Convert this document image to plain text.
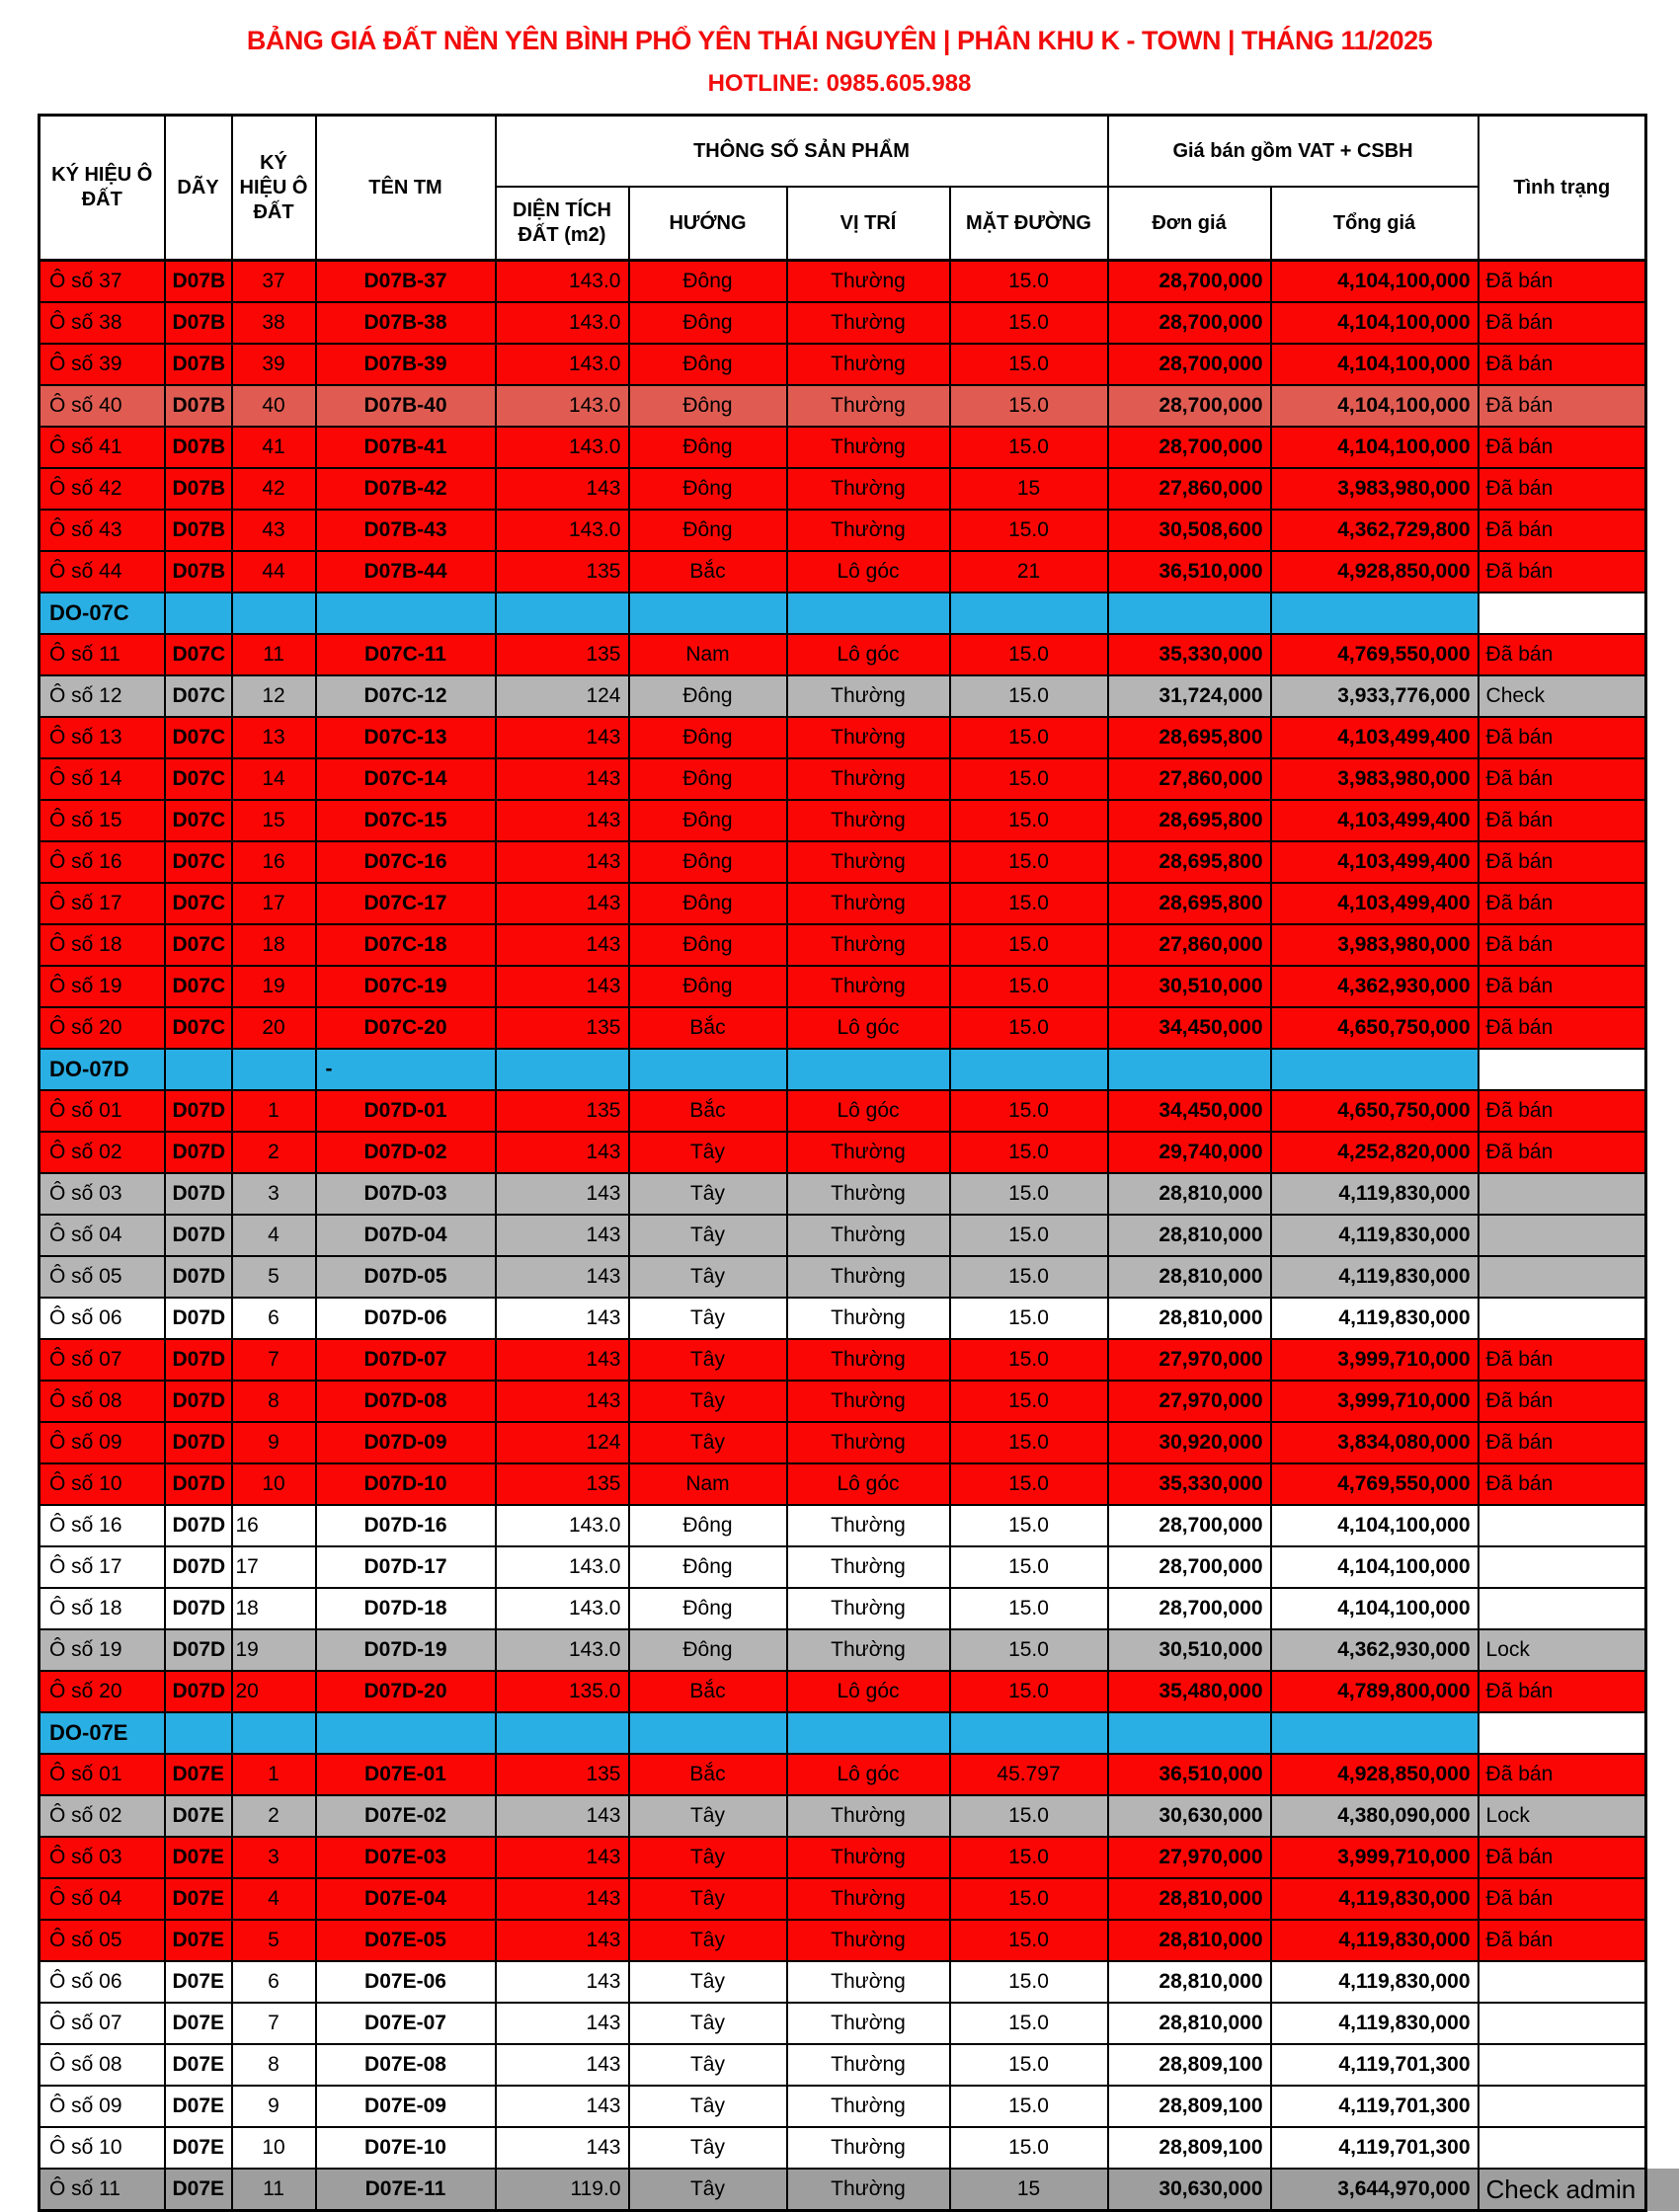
BẢNG GIÁ ĐẤT NỀN YÊN BÌNH PHỔ YÊN THÁI NGUYÊN | PHÂN KHU K - TOWN | THÁNG 11/2025
HOTLINE: 0985.605.988
KÝ HIỆU Ô ĐẤT	DÃY	KÝ HIỆU Ô ĐẤT	TÊN TM	THÔNG SỐ SẢN PHẨM				Giá bán gồm VAT + CSBH		Tình trạng
				DIỆN TÍCH ĐẤT (m2)	HƯỚNG	VỊ TRÍ	MẶT ĐƯỜNG	Đơn giá	Tổng giá	
Ô số 37	D07B	37	D07B-37	143.0	Đông	Thường	15.0	28,700,000	4,104,100,000	Đã bán
Ô số 38	D07B	38	D07B-38	143.0	Đông	Thường	15.0	28,700,000	4,104,100,000	Đã bán
Ô số 39	D07B	39	D07B-39	143.0	Đông	Thường	15.0	28,700,000	4,104,100,000	Đã bán
Ô số 40	D07B	40	D07B-40	143.0	Đông	Thường	15.0	28,700,000	4,104,100,000	Đã bán
Ô số 41	D07B	41	D07B-41	143.0	Đông	Thường	15.0	28,700,000	4,104,100,000	Đã bán
Ô số 42	D07B	42	D07B-42	143	Đông	Thường	15	27,860,000	3,983,980,000	Đã bán
Ô số 43	D07B	43	D07B-43	143.0	Đông	Thường	15.0	30,508,600	4,362,729,800	Đã bán
Ô số 44	D07B	44	D07B-44	135	Bắc	Lô góc	21	36,510,000	4,928,850,000	Đã bán
DO-07C										
Ô số 11	D07C	11	D07C-11	135	Nam	Lô góc	15.0	35,330,000	4,769,550,000	Đã bán
Ô số 12	D07C	12	D07C-12	124	Đông	Thường	15.0	31,724,000	3,933,776,000	Check
Ô số 13	D07C	13	D07C-13	143	Đông	Thường	15.0	28,695,800	4,103,499,400	Đã bán
Ô số 14	D07C	14	D07C-14	143	Đông	Thường	15.0	27,860,000	3,983,980,000	Đã bán
Ô số 15	D07C	15	D07C-15	143	Đông	Thường	15.0	28,695,800	4,103,499,400	Đã bán
Ô số 16	D07C	16	D07C-16	143	Đông	Thường	15.0	28,695,800	4,103,499,400	Đã bán
Ô số 17	D07C	17	D07C-17	143	Đông	Thường	15.0	28,695,800	4,103,499,400	Đã bán
Ô số 18	D07C	18	D07C-18	143	Đông	Thường	15.0	27,860,000	3,983,980,000	Đã bán
Ô số 19	D07C	19	D07C-19	143	Đông	Thường	15.0	30,510,000	4,362,930,000	Đã bán
Ô số 20	D07C	20	D07C-20	135	Bắc	Lô góc	15.0	34,450,000	4,650,750,000	Đã bán
DO-07D			-							
Ô số 01	D07D	1	D07D-01	135	Bắc	Lô góc	15.0	34,450,000	4,650,750,000	Đã bán
Ô số 02	D07D	2	D07D-02	143	Tây	Thường	15.0	29,740,000	4,252,820,000	Đã bán
Ô số 03	D07D	3	D07D-03	143	Tây	Thường	15.0	28,810,000	4,119,830,000	
Ô số 04	D07D	4	D07D-04	143	Tây	Thường	15.0	28,810,000	4,119,830,000	
Ô số 05	D07D	5	D07D-05	143	Tây	Thường	15.0	28,810,000	4,119,830,000	
Ô số 06	D07D	6	D07D-06	143	Tây	Thường	15.0	28,810,000	4,119,830,000	
Ô số 07	D07D	7	D07D-07	143	Tây	Thường	15.0	27,970,000	3,999,710,000	Đã bán
Ô số 08	D07D	8	D07D-08	143	Tây	Thường	15.0	27,970,000	3,999,710,000	Đã bán
Ô số 09	D07D	9	D07D-09	124	Tây	Thường	15.0	30,920,000	3,834,080,000	Đã bán
Ô số 10	D07D	10	D07D-10	135	Nam	Lô góc	15.0	35,330,000	4,769,550,000	Đã bán
Ô số 16	D07D	16	D07D-16	143.0	Đông	Thường	15.0	28,700,000	4,104,100,000	
Ô số 17	D07D	17	D07D-17	143.0	Đông	Thường	15.0	28,700,000	4,104,100,000	
Ô số 18	D07D	18	D07D-18	143.0	Đông	Thường	15.0	28,700,000	4,104,100,000	
Ô số 19	D07D	19	D07D-19	143.0	Đông	Thường	15.0	30,510,000	4,362,930,000	Lock
Ô số 20	D07D	20	D07D-20	135.0	Bắc	Lô góc	15.0	35,480,000	4,789,800,000	Đã bán
DO-07E										
Ô số 01	D07E	1	D07E-01	135	Bắc	Lô góc	45.797	36,510,000	4,928,850,000	Đã bán
Ô số 02	D07E	2	D07E-02	143	Tây	Thường	15.0	30,630,000	4,380,090,000	Lock
Ô số 03	D07E	3	D07E-03	143	Tây	Thường	15.0	27,970,000	3,999,710,000	Đã bán
Ô số 04	D07E	4	D07E-04	143	Tây	Thường	15.0	28,810,000	4,119,830,000	Đã bán
Ô số 05	D07E	5	D07E-05	143	Tây	Thường	15.0	28,810,000	4,119,830,000	Đã bán
Ô số 06	D07E	6	D07E-06	143	Tây	Thường	15.0	28,810,000	4,119,830,000	
Ô số 07	D07E	7	D07E-07	143	Tây	Thường	15.0	28,810,000	4,119,830,000	
Ô số 08	D07E	8	D07E-08	143	Tây	Thường	15.0	28,809,100	4,119,701,300	
Ô số 09	D07E	9	D07E-09	143	Tây	Thường	15.0	28,809,100	4,119,701,300	
Ô số 10	D07E	10	D07E-10	143	Tây	Thường	15.0	28,809,100	4,119,701,300	
Ô số 11	D07E	11	D07E-11	119.0	Tây	Thường	15	30,630,000	3,644,970,000	Check admin
